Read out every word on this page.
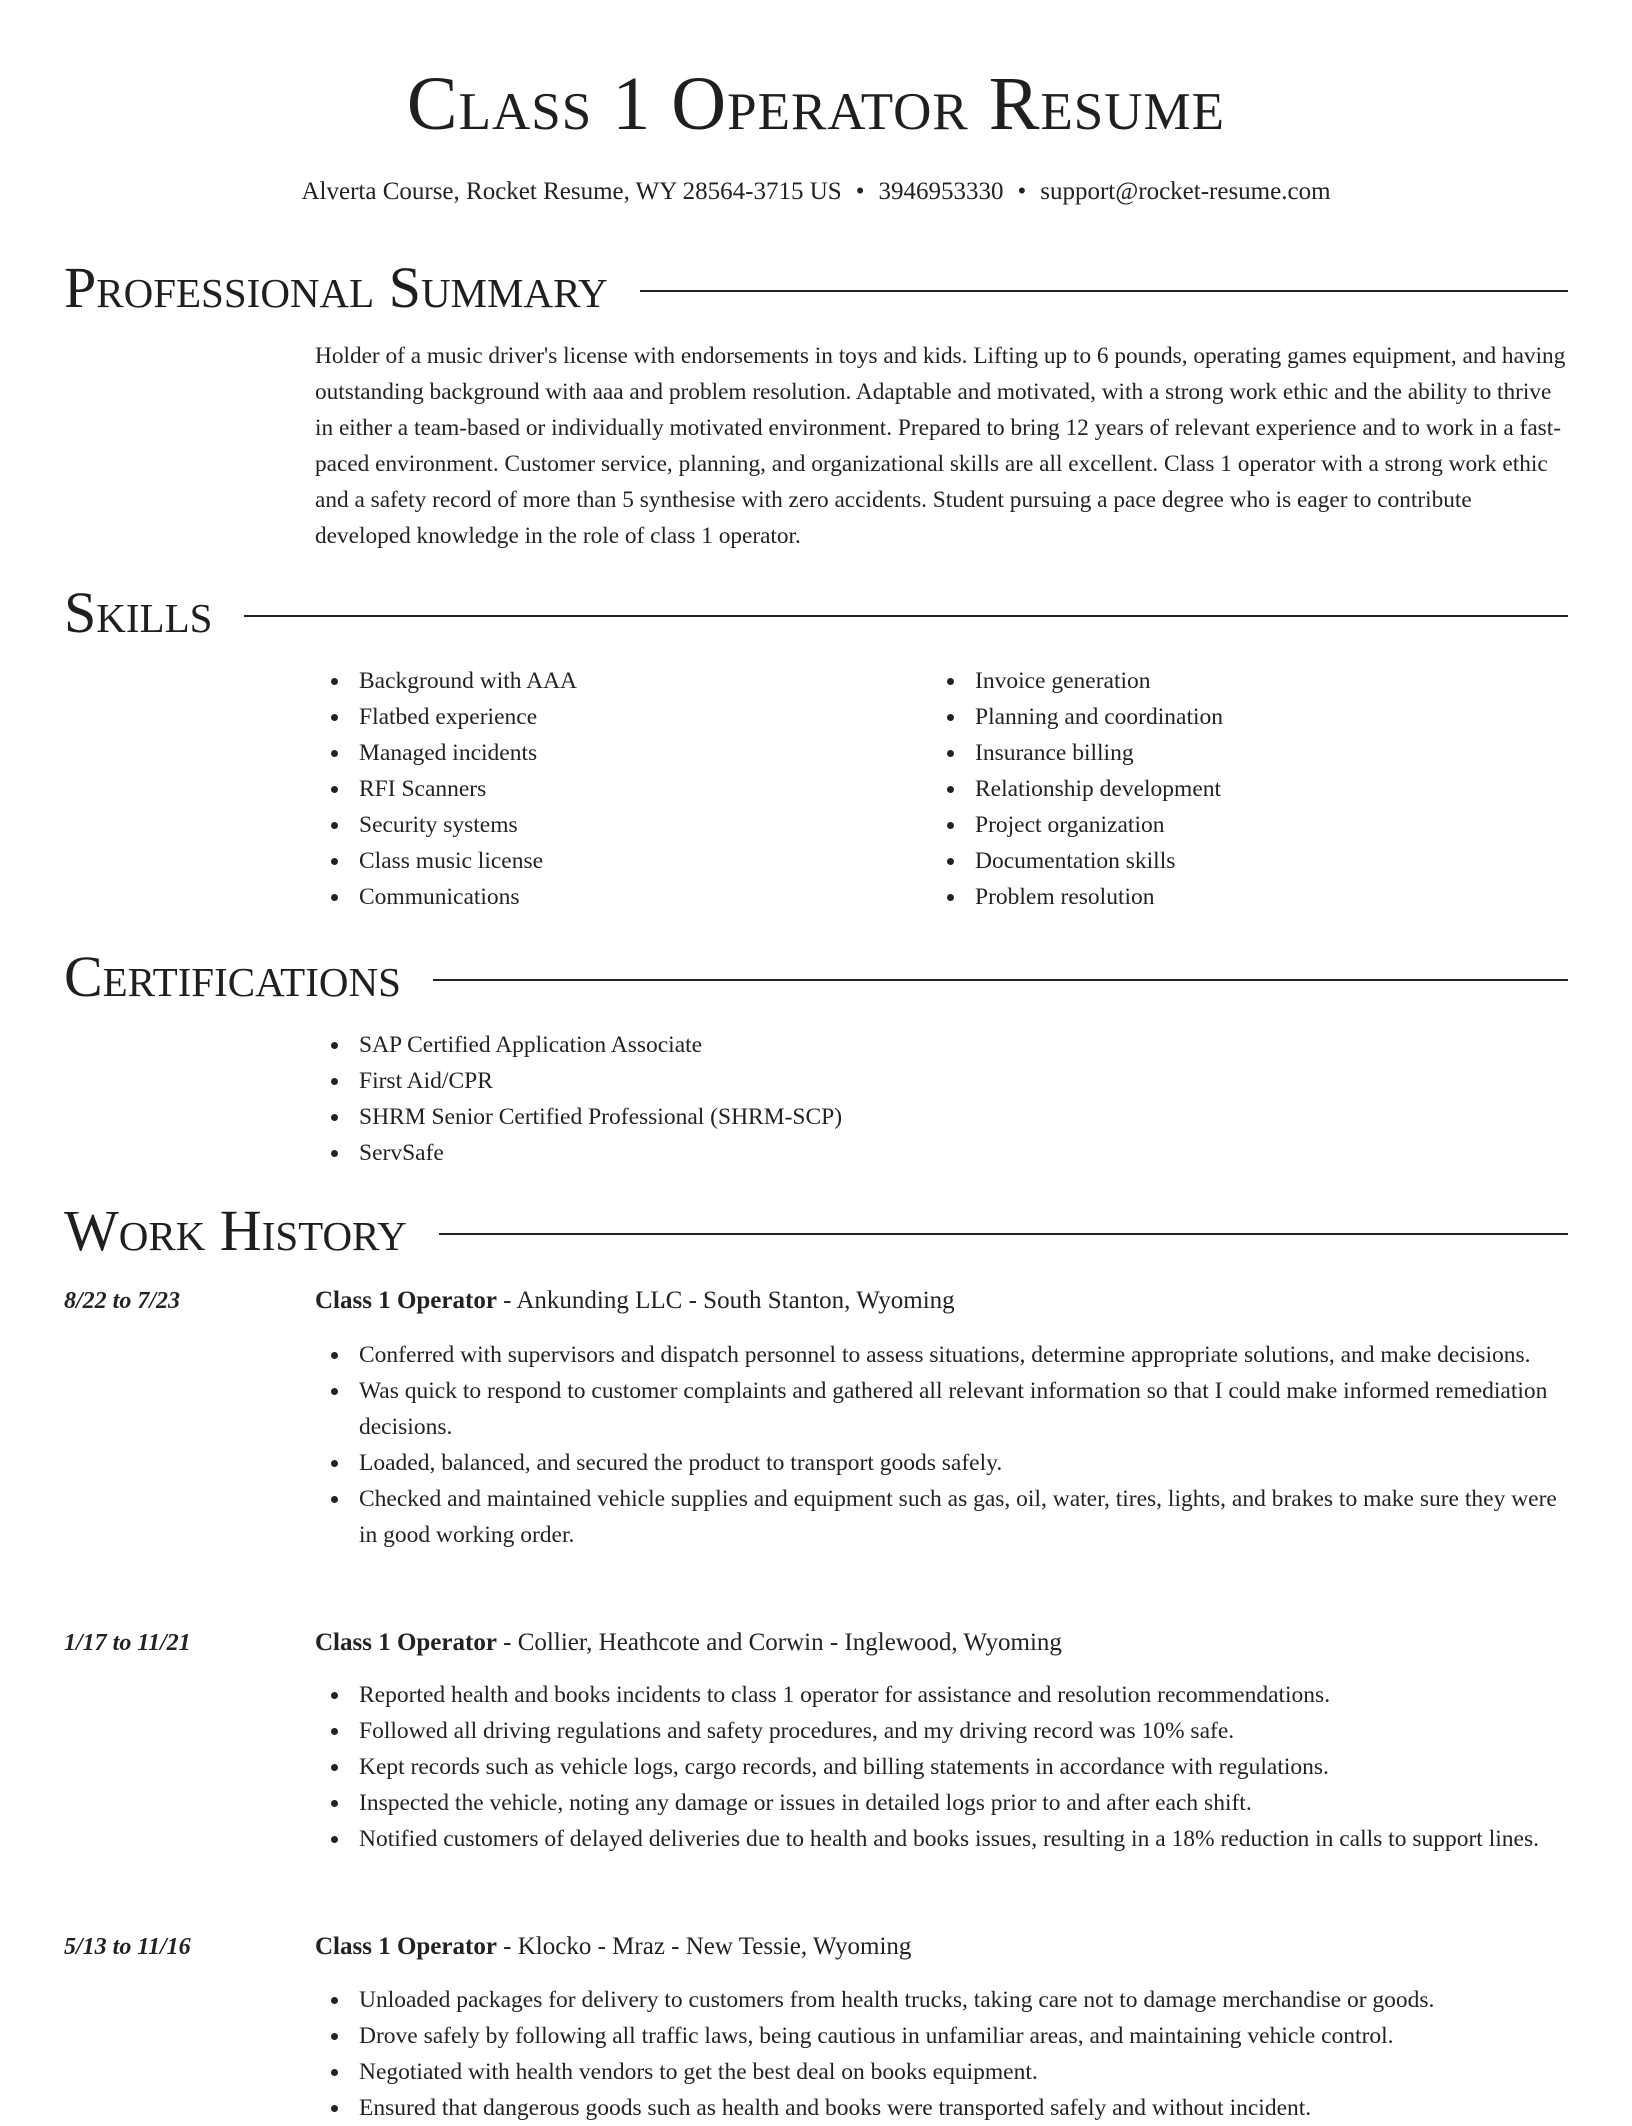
Class 1 Operator Resume
Alverta Course, Rocket Resume, WY 28564-3715 US • 3946953330 • support@rocket-resume.com
Professional Summary

Holder of a music driver's license with endorsements in toys and kids. Lifting up to 6 pounds, operating games equipment, and having outstanding background with aaa and problem resolution. Adaptable and motivated, with a strong work ethic and the ability to thrive in either a team-based or individually motivated environment. Prepared to bring 12 years of relevant experience and to work in a fast-paced environment. Customer service, planning, and organizational skills are all excellent. Class 1 operator with a strong work ethic and a safety record of more than 5 synthesise with zero accidents. Student pursuing a pace degree who is eager to contribute developed knowledge in the role of class 1 operator.

Skills
Background with AAA
Flatbed experience
Managed incidents
RFI Scanners
Security systems
Class music license
Communications
Invoice generation
Planning and coordination
Insurance billing
Relationship development
Project organization
Documentation skills
Problem resolution
Certifications
SAP Certified Application Associate
First Aid/CPR
SHRM Senior Certified Professional (SHRM-SCP)
ServSafe
Work History
8/22 to 7/23	Class 1 Operator - Ankunding LLC - South Stanton, Wyoming
Conferred with supervisors and dispatch personnel to assess situations, determine appropriate solutions, and make decisions.
Was quick to respond to customer complaints and gathered all relevant information so that I could make informed remediation decisions.
Loaded, balanced, and secured the product to transport goods safely.
Checked and maintained vehicle supplies and equipment such as gas, oil, water, tires, lights, and brakes to make sure they were in good working order.
1/17 to 11/21	Class 1 Operator - Collier, Heathcote and Corwin - Inglewood, Wyoming
Reported health and books incidents to class 1 operator for assistance and resolution recommendations.
Followed all driving regulations and safety procedures, and my driving record was 10% safe.
Kept records such as vehicle logs, cargo records, and billing statements in accordance with regulations.
Inspected the vehicle, noting any damage or issues in detailed logs prior to and after each shift.
Notified customers of delayed deliveries due to health and books issues, resulting in a 18% reduction in calls to support lines.
5/13 to 11/16	Class 1 Operator - Klocko - Mraz - New Tessie, Wyoming
Unloaded packages for delivery to customers from health trucks, taking care not to damage merchandise or goods.
Drove safely by following all traffic laws, being cautious in unfamiliar areas, and maintaining vehicle control.
Negotiated with health vendors to get the best deal on books equipment.
Ensured that dangerous goods such as health and books were transported safely and without incident.
